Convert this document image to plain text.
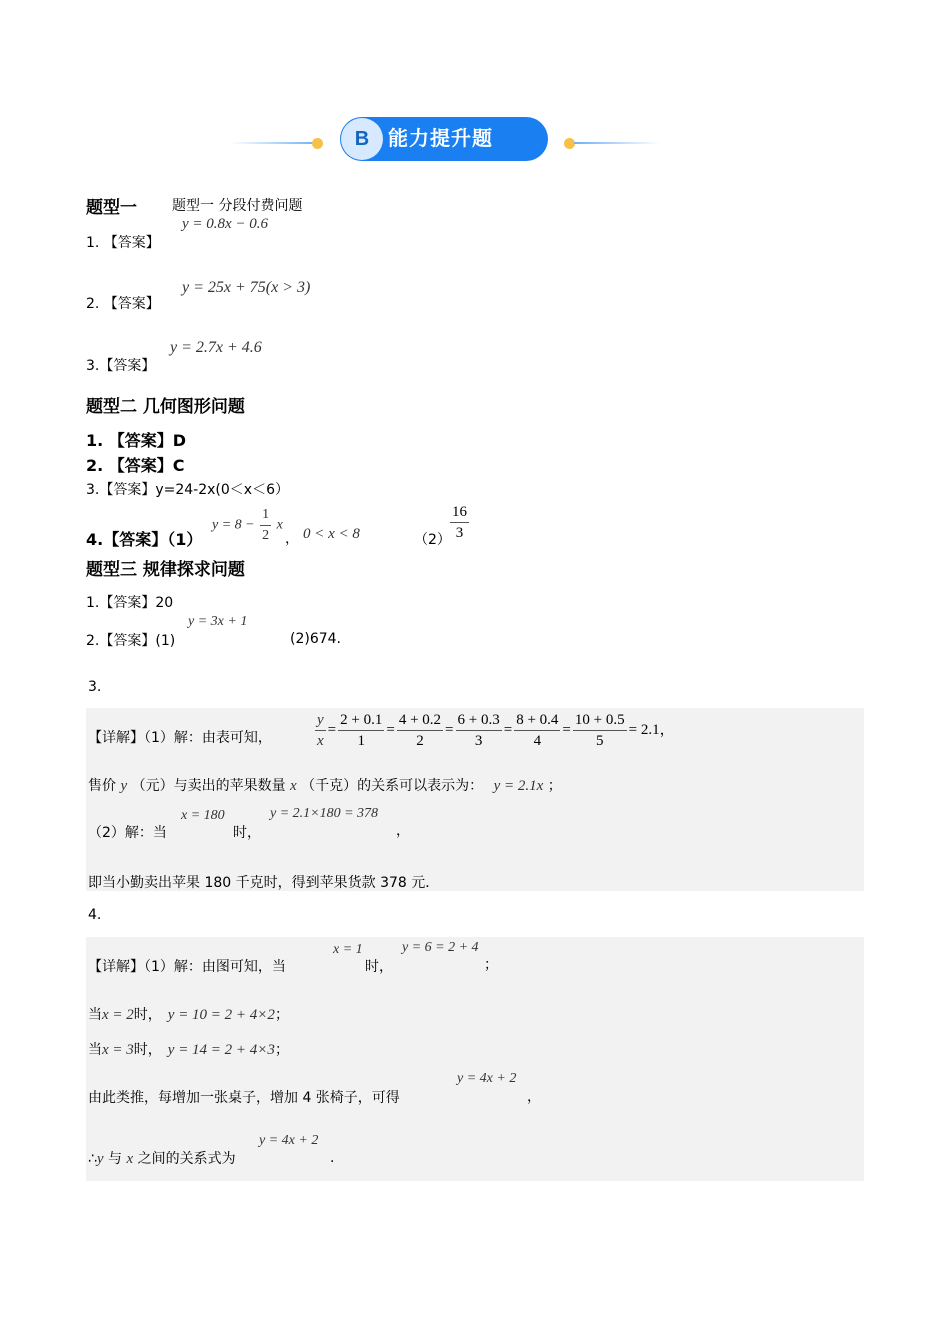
B 能力提升题
题型一	题型一 分段付费问题
1. 【答案】
y = 0.8x − 0.6
2. 【答案】
y = 25x + 75(x > 3)
3.【答案】
y = 2.7x + 4.6
题型二 几何图形问题
1. 【答案】D
2. 【答案】C
3.【答案】y=24-2x(0＜x＜6）
4.【答案】（1）
$y = 8 - \frac{1}{2}$ x
， 0 < x < 8	$(2) \frac{16}{3}$
题型三 规律探求问题
1.【答案】20
2.【答案】(1)
y = 3x + 1
(2)674.
3.
【详解】（1）解：由表可知，	$\frac{y}{x} = \frac{2 + 0.1}{1} = \frac{4 + 0.2}{2} = \frac{6 + 0.3}{3} = \frac{8 + 0.4}{4} = \frac{10 + 0.5}{5} = 2.1$，
售价 y （元）与卖出的苹果数量 x （千克）的关系可以表示为： y = 2.1x ；
（2）解：当
x = 180
时，
y = 2.1×180 = 378
，
即当小勤卖出苹果 180 千克时，得到苹果货款 378 元．
4.
【详解】（1）解：由图可知，当
x = 1
时，
y = 6 = 2 + 4
；
当x = 2时， y = 10 = 2 + 4×2；
当x = 3时， y = 14 = 2 + 4×3；
由此类推，每增加一张桌子，增加 4 张椅子，可得
y = 4x + 2
，
∴y 与 x 之间的关系式为
y = 4x + 2
.
